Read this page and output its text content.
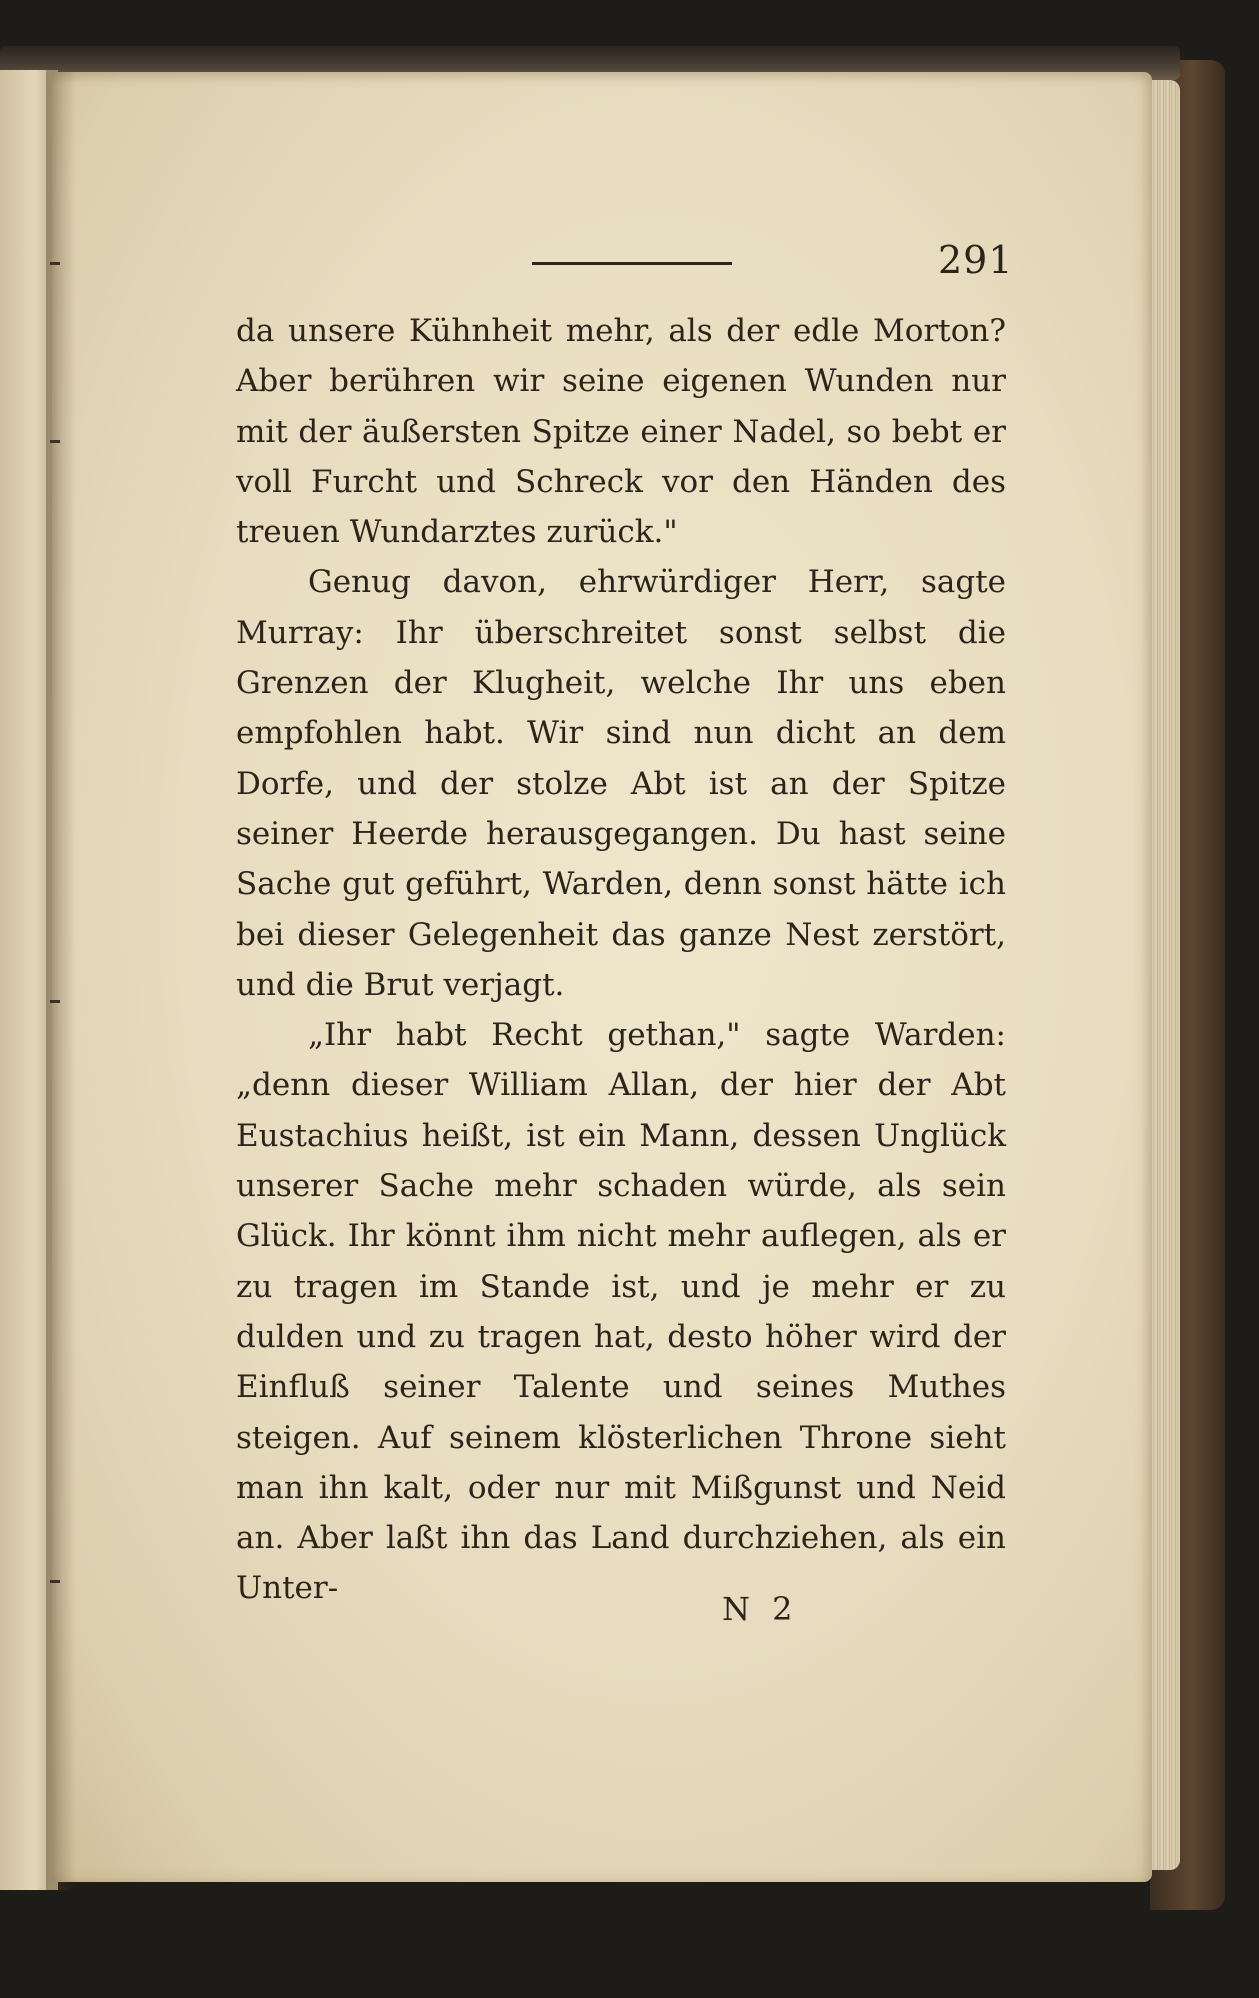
291

da unsere Kühnheit mehr, als der edle Morton? Aber berühren wir seine eigenen Wunden nur mit der äußersten Spitze einer Nadel, so bebt er voll Furcht und Schreck vor den Händen des treuen Wundarztes zurück."

Genug davon, ehrwürdiger Herr, sagte Murray: Ihr überschreitet sonst selbst die Grenzen der Klugheit, welche Ihr uns eben empfohlen habt. Wir sind nun dicht an dem Dorfe, und der stolze Abt ist an der Spitze seiner Heerde herausgegangen. Du hast seine Sache gut geführt, Warden, denn sonst hätte ich bei dieser Gelegenheit das ganze Nest zerstört, und die Brut verjagt.

„Ihr habt Recht gethan," sagte Warden: „denn dieser William Allan, der hier der Abt Eustachius heißt, ist ein Mann, dessen Unglück unserer Sache mehr schaden würde, als sein Glück. Ihr könnt ihm nicht mehr auflegen, als er zu tragen im Stande ist, und je mehr er zu dulden und zu tragen hat, desto höher wird der Einfluß seiner Talente und seines Muthes steigen. Auf seinem klösterlichen Throne sieht man ihn kalt, oder nur mit Mißgunst und Neid an. Aber laßt ihn das Land durchziehen, als ein Unter-

N 2
